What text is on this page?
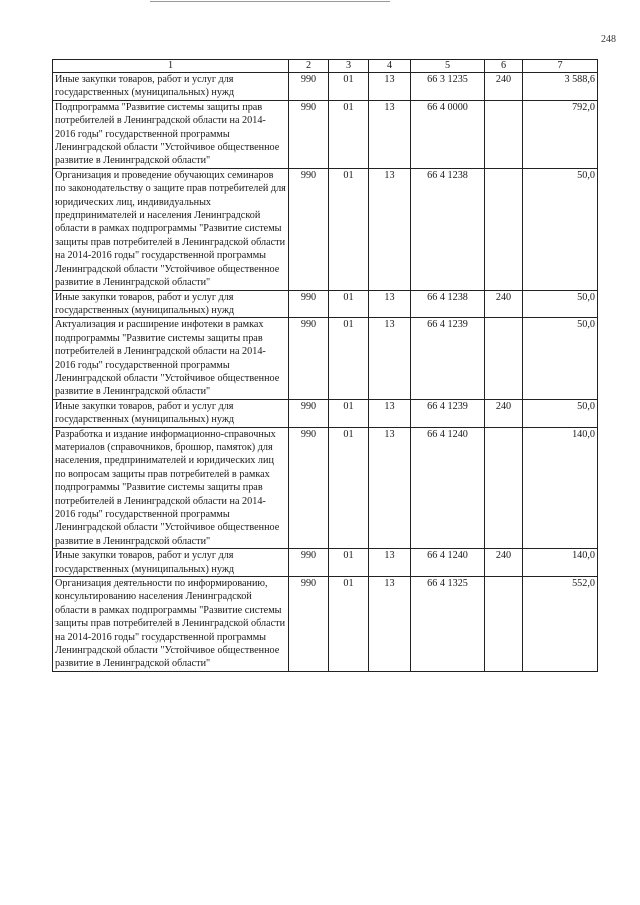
248
1	2	3	4	5	6	7
Иные закупки товаров, работ и услуг для государственных (муниципальных) нужд	990	01	13	66 3 1235	240	3 588,6
Подпрограмма "Развитие системы защиты прав потребителей в Ленинградской области на 2014-2016 годы" государственной программы Ленинградской области "Устойчивое общественное развитие в Ленинградской области"	990	01	13	66 4 0000		792,0
Организация и проведение обучающих семинаров по законодательству о защите прав потребителей для юридических лиц, индивидуальных предпринимателей и населения Ленинградской области в рамках подпрограммы "Развитие системы защиты прав потребителей в Ленинградской области на 2014-2016 годы" государственной программы Ленинградской области "Устойчивое общественное развитие в Ленинградской области"	990	01	13	66 4 1238		50,0
Иные закупки товаров, работ и услуг для государственных (муниципальных) нужд	990	01	13	66 4 1238	240	50,0
Актуализация и расширение инфотеки в рамках подпрограммы "Развитие системы защиты прав потребителей в Ленинградской области на 2014-2016 годы" государственной программы Ленинградской области "Устойчивое общественное развитие в Ленинградской области"	990	01	13	66 4 1239		50,0
Иные закупки товаров, работ и услуг для государственных (муниципальных) нужд	990	01	13	66 4 1239	240	50,0
Разработка и издание информационно-справочных материалов (справочников, брошюр, памяток) для населения, предпринимателей и юридических лиц по вопросам защиты прав потребителей в рамках подпрограммы "Развитие системы защиты прав потребителей в Ленинградской области на 2014-2016 годы" государственной программы Ленинградской области "Устойчивое общественное развитие в Ленинградской области"	990	01	13	66 4 1240		140,0
Иные закупки товаров, работ и услуг для государственных (муниципальных) нужд	990	01	13	66 4 1240	240	140,0
Организация деятельности по информированию, консультированию населения Ленинградской области в рамках подпрограммы "Развитие системы защиты прав потребителей в Ленинградской области на 2014-2016 годы" государственной программы Ленинградской области "Устойчивое общественное развитие в Ленинградской области"	990	01	13	66 4 1325		552,0
